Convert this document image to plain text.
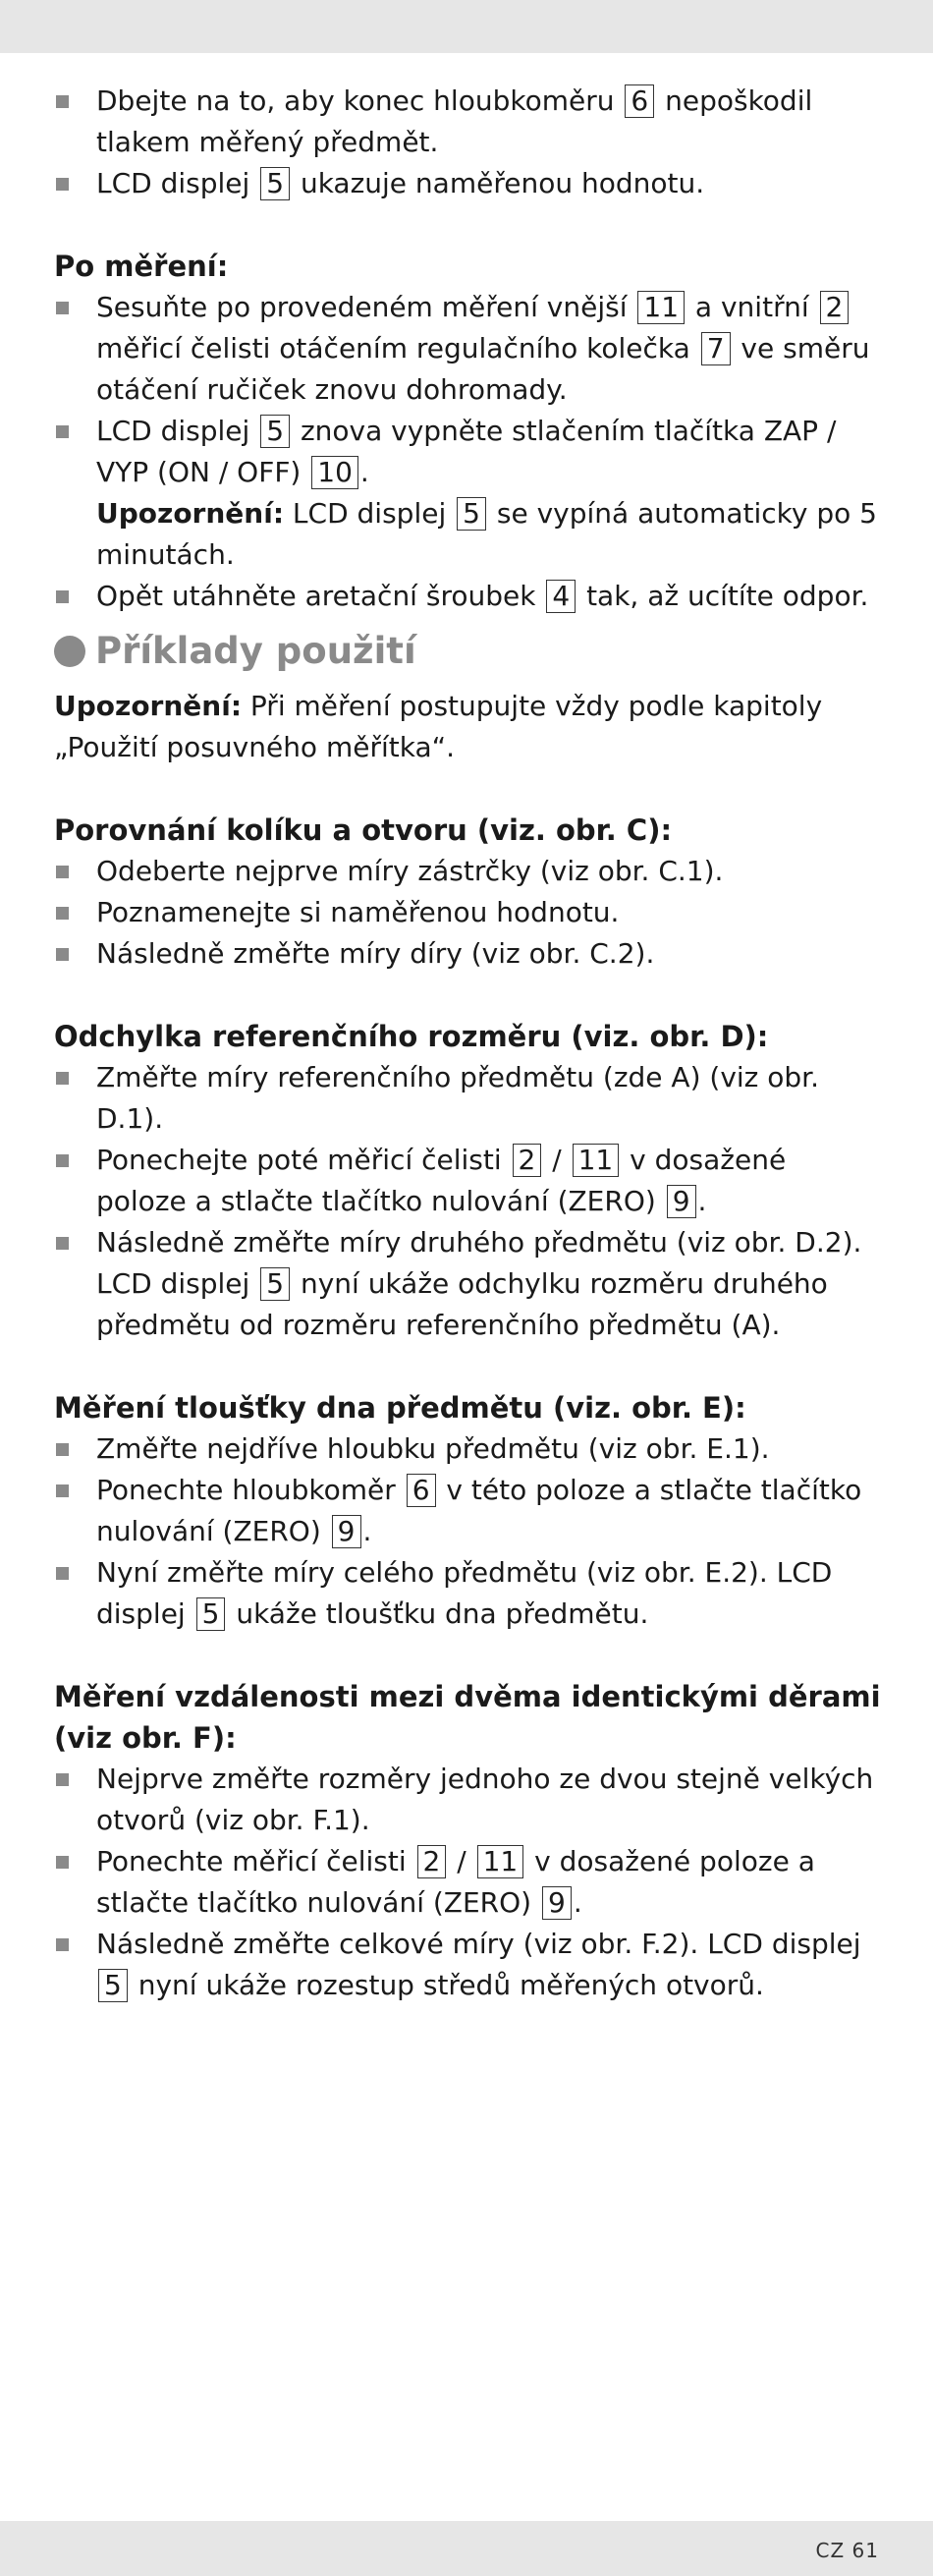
Dbejte na to, aby konec hloubkoměru 6 nepoškodil tlakem měřený předmět.
LCD displej 5 ukazuje naměřenou hodnotu.

Po měření:

Sesuňte po provedeném měření vnější 11 a vnitřní 2 měřicí čelisti otáčením regulačního kolečka 7 ve směru otáčení ručiček znovu dohromady.
LCD displej 5 znova vypněte stlačením tlačítka ZAP / VYP (ON / OFF) 10 .
Upozornění: LCD displej 5 se vypíná automaticky po 5 minutách.
Opět utáhněte aretační šroubek 4 tak, až ucítíte odpor.
Příklady použití

Upozornění: Při měření postupujte vždy podle kapitoly „Použití posuvného měřítka“.

Porovnání kolíku a otvoru (viz. obr. C):

Odeberte nejprve míry zástrčky (viz obr. C.1).
Poznamenejte si naměřenou hodnotu.
Následně změřte míry díry (viz obr. C.2).

Odchylka referenčního rozměru (viz. obr. D):

Změřte míry referenčního předmětu (zde A) (viz obr. D.1).
Ponechejte poté měřicí čelisti 2 / 11 v dosažené poloze a stlačte tlačítko nulování (ZERO) 9 .
Následně změřte míry druhého předmětu (viz obr. D.2). LCD displej 5 nyní ukáže odchylku rozměru druhého předmětu od rozměru referenčního předmětu (A).

Měření tloušťky dna předmětu (viz. obr. E):

Změřte nejdříve hloubku předmětu (viz obr. E.1).
Ponechte hloubkoměr 6 v této poloze a stlačte tlačítko nulování (ZERO) 9 .
Nyní změřte míry celého předmětu (viz obr. E.2). LCD displej 5 ukáže tloušťku dna předmětu.

Měření vzdálenosti mezi dvěma identickými děrami (viz obr. F):

Nejprve změřte rozměry jednoho ze dvou stejně velkých otvorů (viz obr. F.1).
Ponechte měřicí čelisti 2 / 11 v dosažené poloze a stlačte tlačítko nulování (ZERO) 9 .
Následně změřte celkové míry (viz obr. F.2). LCD displej 5 nyní ukáže rozestup středů měřených otvorů.
CZ 61
